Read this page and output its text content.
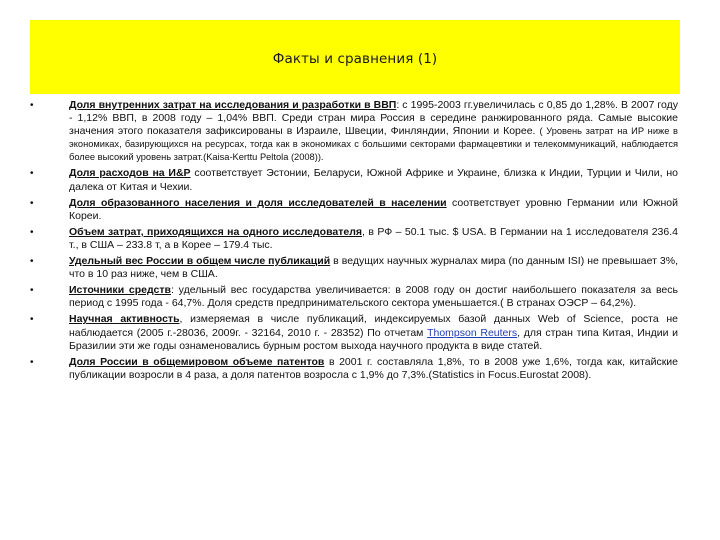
Факты и сравнения (1)
•	Доля внутренних затрат на исследования и разработки в ВВП: с 1995-2003 гг.увеличилась с 0,85 до 1,28%. В 2007 году - 1,12% ВВП, в 2008 году – 1,04% ВВП. Среди стран мира Россия в середине ранжированного ряда. Самые высокие значения этого показателя зафиксированы в Израиле, Швеции, Финляндии, Японии и Корее. ( Уровень затрат на ИР ниже в экономиках, базирующихся на ресурсах, тогда как в экономиках с большими секторами фармацевтики и телекоммуникаций, наблюдается более высокий уровень затрат.(Kaisa-Kerttu Peltola (2008)).
•	Доля расходов на И&Р соответствует Эстонии, Беларуси, Южной Африке и Украине, близка к Индии, Турции и Чили, но далека от Китая и Чехии.
•	Доля образованного населения и доля исследователей в населении соответствует уровню Германии или Южной Кореи.
•	Объем затрат, приходящихся на одного исследователя, в РФ – 50.1 тыс. $ USA. В Германии на 1 исследователя 236.4 т., в США – 233.8 т, а в Корее – 179.4 тыс.
•	Удельный вес России в общем числе публикаций в ведущих научных журналах мира (по данным ISI) не превышает 3%, что в 10 раз ниже, чем в США.
•	Источники средств: удельный вес государства увеличивается: в 2008 году он достиг наибольшего показателя за весь период с 1995 года - 64,7%. Доля средств предпринимательского сектора уменьшается.( В странах ОЭСР – 64,2%).
•	Научная активность, измеряемая в числе публикаций, индексируемых базой данных Web of Science, роста не наблюдается (2005 г.-28036, 2009г. - 32164, 2010 г. - 28352) По отчетам Thompson Reuters, для стран типа Китая, Индии и Бразилии эти же годы ознаменовались бурным ростом выхода научного продукта в виде статей.
•	Доля России в общемировом объеме патентов в 2001 г. составляла 1,8%, то в 2008 уже 1,6%, тогда как, китайские публикации возросли в 4 раза, а доля патентов возросла с 1,9% до 7,3%.(Statistics in Focus.Eurostat 2008).
